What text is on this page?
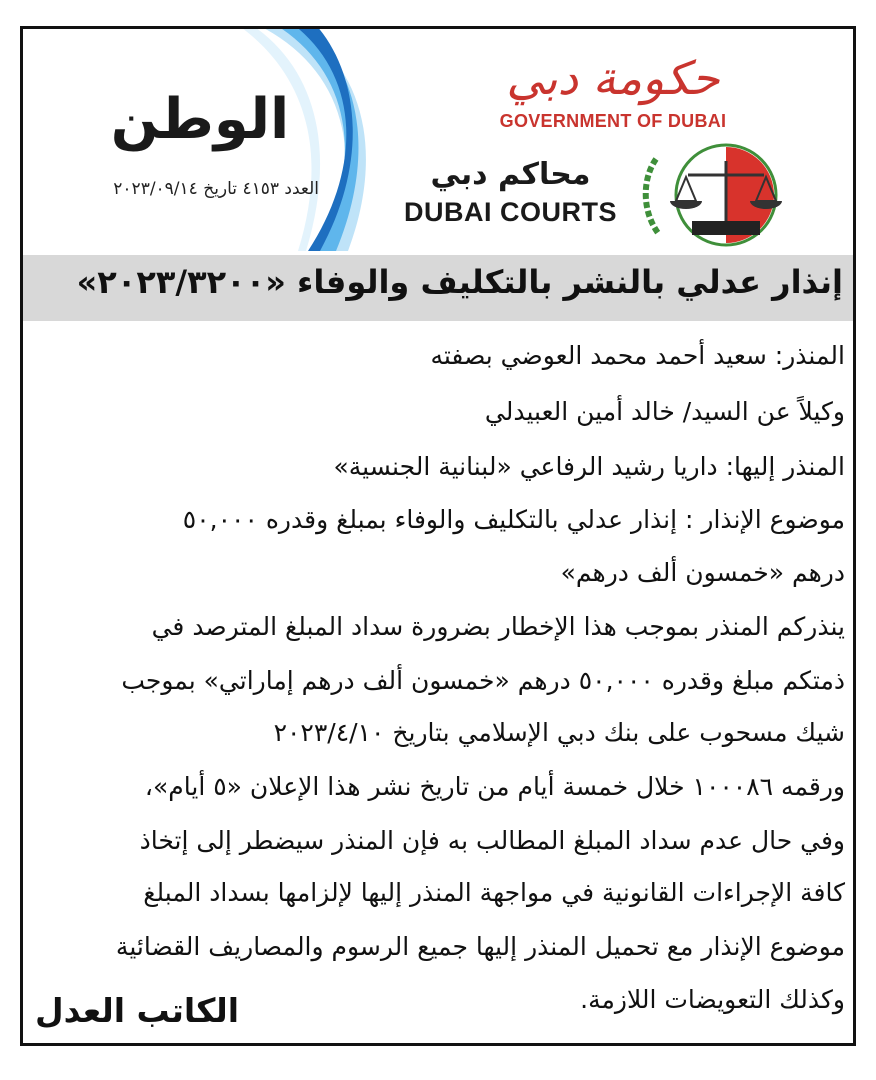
الوطن
العدد ٤١٥٣ تاريخ ٢٠٢٣/٠٩/١٤
حكومة دبي
GOVERNMENT OF DUBAI
محاكم دبي
DUBAI COURTS
إنذار عدلي بالنشر بالتكليف والوفاء «٢٠٢٣/٣٢٠٠»
المنذر: سعيد أحمد محمد العوضي بصفته
وكيلاً عن السيد/ خالد أمين العبيدلي
المنذر إليها: داريا رشيد الرفاعي «لبنانية الجنسية»
موضوع الإنذار : إنذار عدلي بالتكليف والوفاء بمبلغ وقدره ٥٠,٠٠٠
درهم «خمسون ألف درهم»
ينذركم المنذر بموجب هذا الإخطار بضرورة سداد المبلغ المترصد في
ذمتكم مبلغ وقدره ٥٠,٠٠٠ درهم «خمسون ألف درهم إماراتي» بموجب
شيك مسحوب على بنك دبي الإسلامي بتاريخ ٢٠٢٣/٤/١٠
ورقمه ١٠٠٠٨٦ خلال خمسة أيام من تاريخ نشر هذا الإعلان «٥ أيام»،
وفي حال عدم سداد المبلغ المطالب به فإن المنذر سيضطر إلى إتخاذ
كافة الإجراءات القانونية في مواجهة المنذر إليها لإلزامها بسداد المبلغ
موضوع الإنذار مع تحميل المنذر إليها جميع الرسوم والمصاريف القضائية
وكذلك التعويضات اللازمة.
الكاتب العدل
